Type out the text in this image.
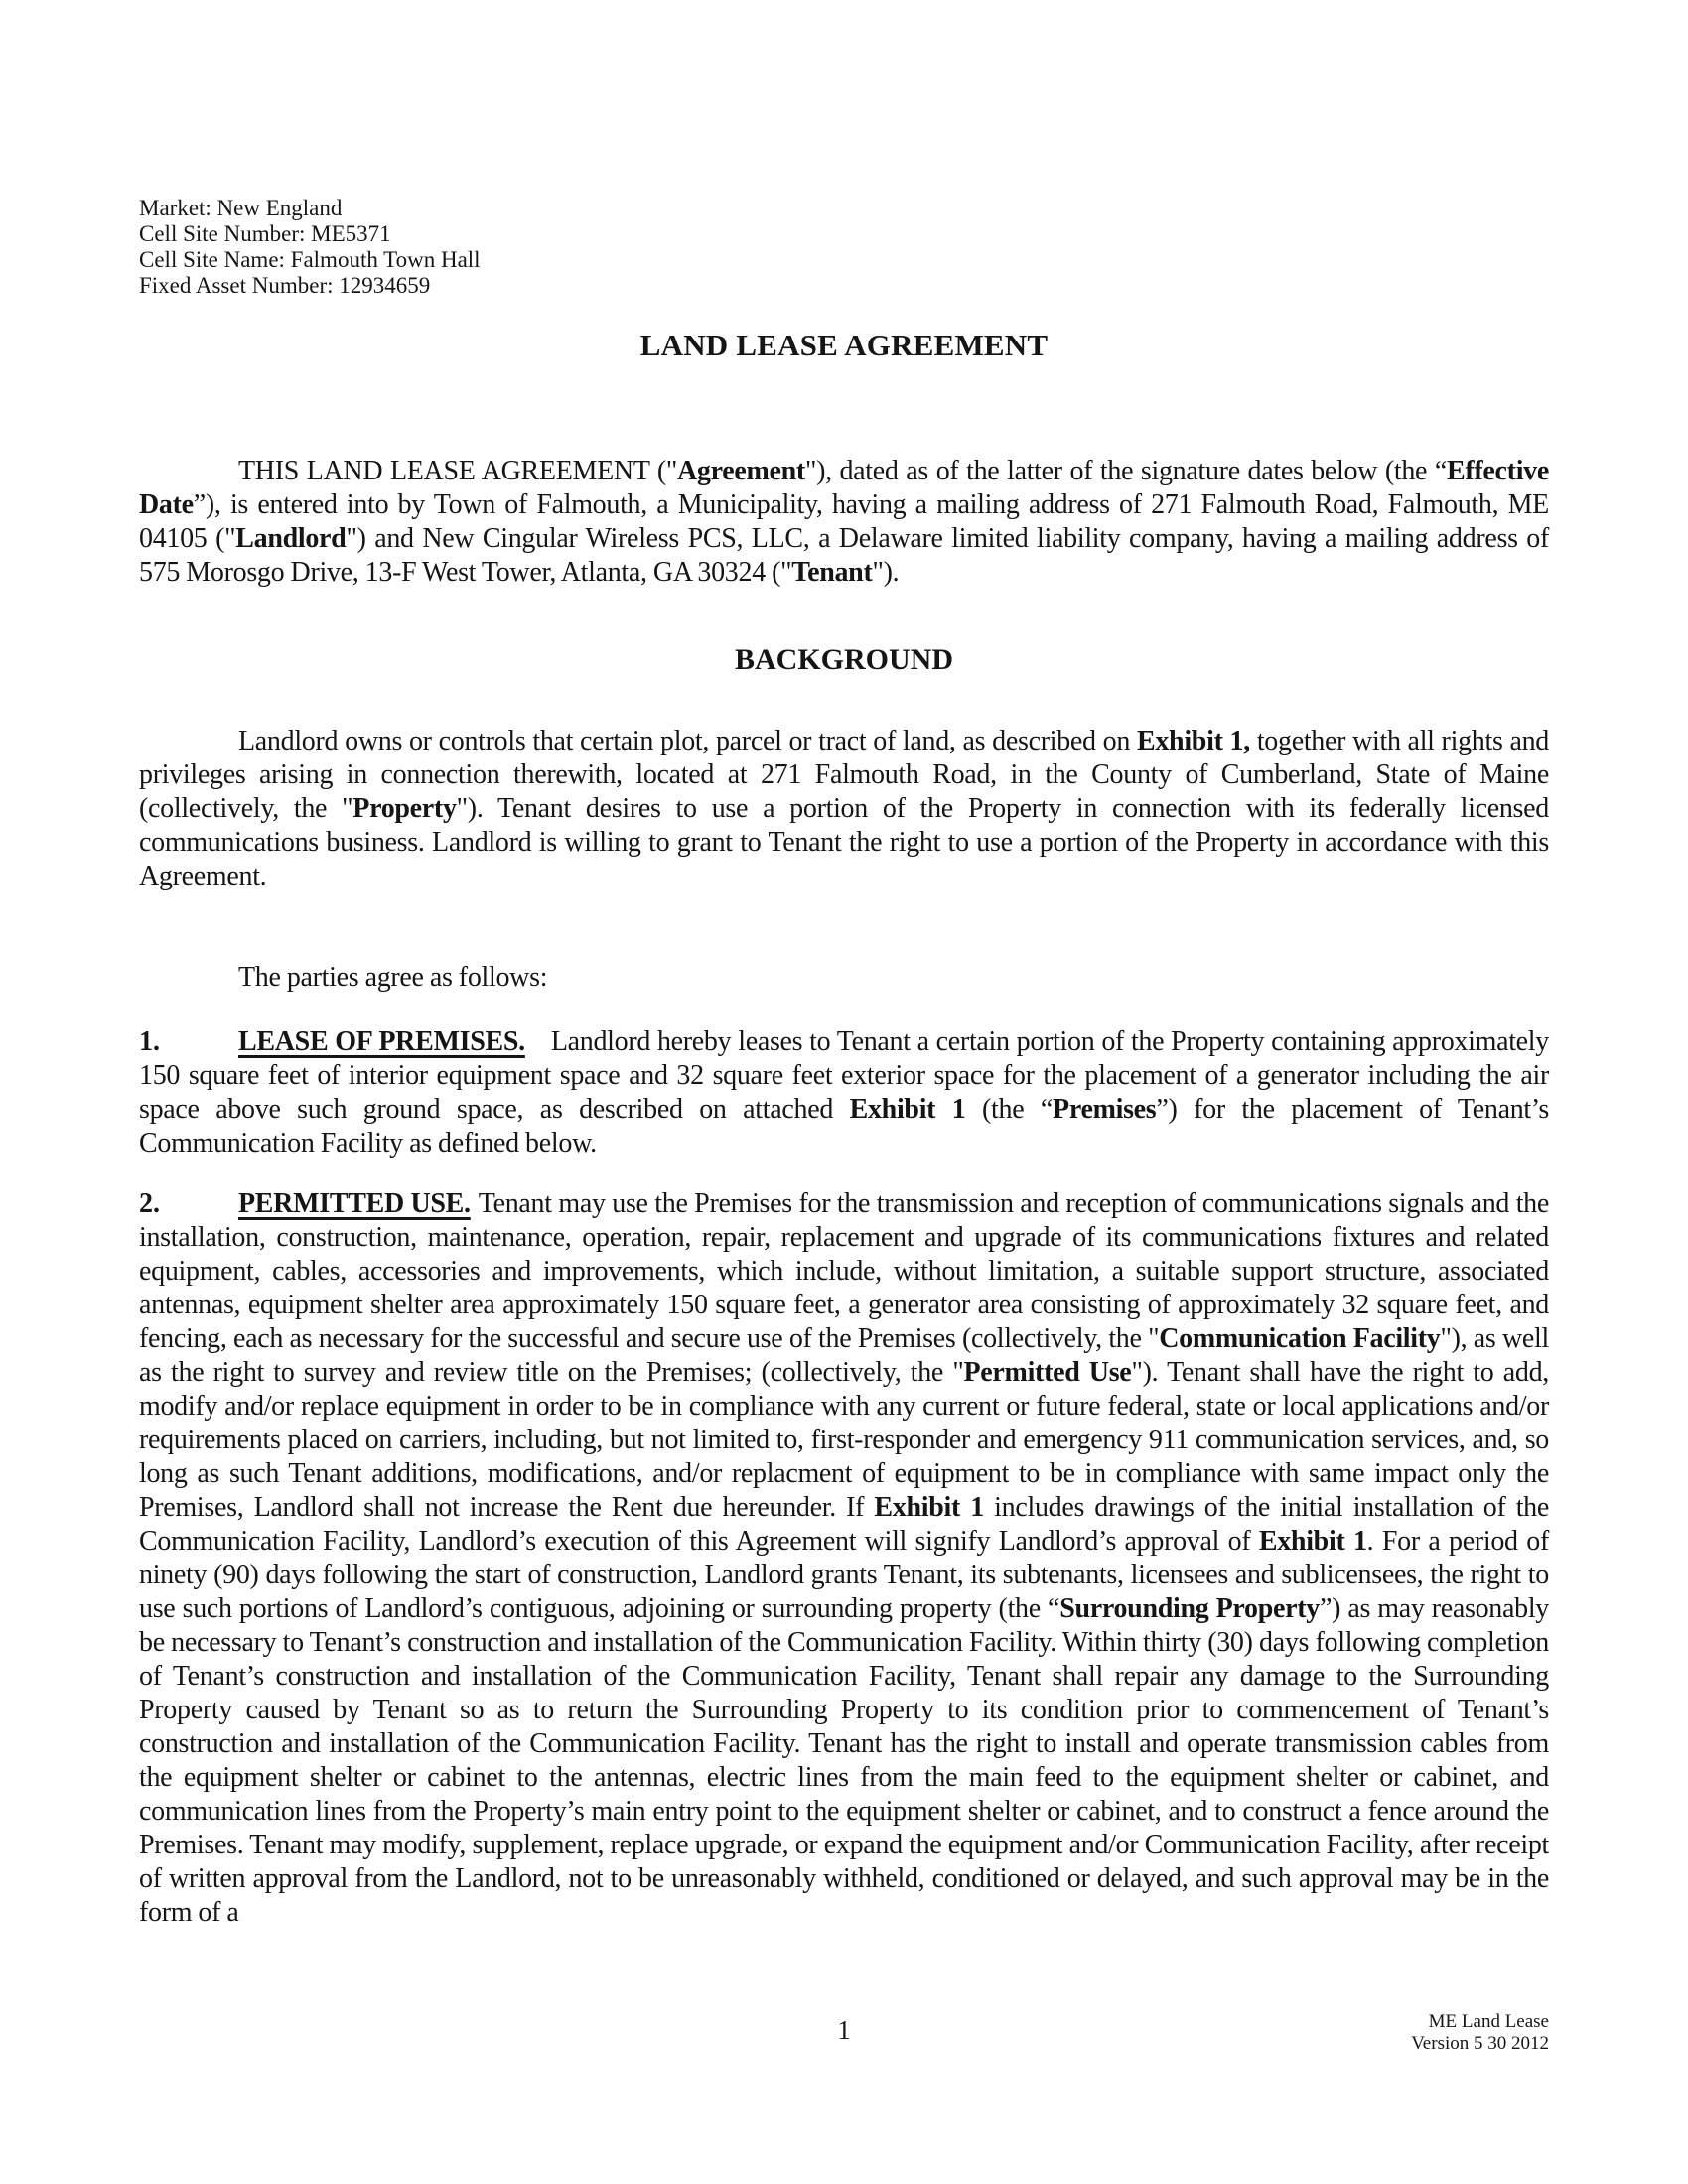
Market: New England
Cell Site Number: ME5371
Cell Site Name: Falmouth Town Hall
Fixed Asset Number: 12934659
LAND LEASE AGREEMENT

THIS LAND LEASE AGREEMENT ("Agreement"), dated as of the latter of the signature dates below (the “Effective Date”), is entered into by Town of Falmouth, a Municipality, having a mailing address of 271 Falmouth Road, Falmouth, ME 04105 ("Landlord") and New Cingular Wireless PCS, LLC, a Delaware limited liability company, having a mailing address of 575 Morosgo Drive, 13-F West Tower, Atlanta, GA 30324 ("Tenant").

BACKGROUND

Landlord owns or controls that certain plot, parcel or tract of land, as described on Exhibit 1, together with all rights and privileges arising in connection therewith, located at 271 Falmouth Road, in the County of Cumberland, State of Maine (collectively, the "Property"). Tenant desires to use a portion of the Property in connection with its federally licensed communications business. Landlord is willing to grant to Tenant the right to use a portion of the Property in accordance with this Agreement.

The parties agree as follows:

1.	LEASE OF PREMISES. Landlord hereby leases to Tenant a certain portion of the Property containing approximately 150 square feet of interior equipment space and 32 square feet exterior space for the placement of a generator including the air space above such ground space, as described on attached Exhibit 1 (the “Premises”) for the placement of Tenant’s Communication Facility as defined below.

2.	PERMITTED USE. Tenant may use the Premises for the transmission and reception of communications signals and the installation, construction, maintenance, operation, repair, replacement and upgrade of its communications fixtures and related equipment, cables, accessories and improvements, which include, without limitation, a suitable support structure, associated antennas, equipment shelter area approximately 150 square feet, a generator area consisting of approximately 32 square feet, and fencing, each as necessary for the successful and secure use of the Premises (collectively, the "Communication Facility"), as well as the right to survey and review title on the Premises; (collectively, the "Permitted Use"). Tenant shall have the right to add, modify and/or replace equipment in order to be in compliance with any current or future federal, state or local applications and/or requirements placed on carriers, including, but not limited to, first-responder and emergency 911 communication services, and, so long as such Tenant additions, modifications, and/or replacment of equipment to be in compliance with same impact only the Premises, Landlord shall not increase the Rent due hereunder. If Exhibit 1 includes drawings of the initial installation of the Communication Facility, Landlord’s execution of this Agreement will signify Landlord’s approval of Exhibit 1. For a period of ninety (90) days following the start of construction, Landlord grants Tenant, its subtenants, licensees and sublicensees, the right to use such portions of Landlord’s contiguous, adjoining or surrounding property (the “Surrounding Property”) as may reasonably be necessary to Tenant’s construction and installation of the Communication Facility. Within thirty (30) days following completion of Tenant’s construction and installation of the Communication Facility, Tenant shall repair any damage to the Surrounding Property caused by Tenant so as to return the Surrounding Property to its condition prior to commencement of Tenant’s construction and installation of the Communication Facility. Tenant has the right to install and operate transmission cables from the equipment shelter or cabinet to the antennas, electric lines from the main feed to the equipment shelter or cabinet, and communication lines from the Property’s main entry point to the equipment shelter or cabinet, and to construct a fence around the Premises. Tenant may modify, supplement, replace upgrade, or expand the equipment and/or Communication Facility, after receipt of written approval from the Landlord, not to be unreasonably withheld, conditioned or delayed, and such approval may be in the form of a

1	ME Land Lease
Version 5 30 2012
